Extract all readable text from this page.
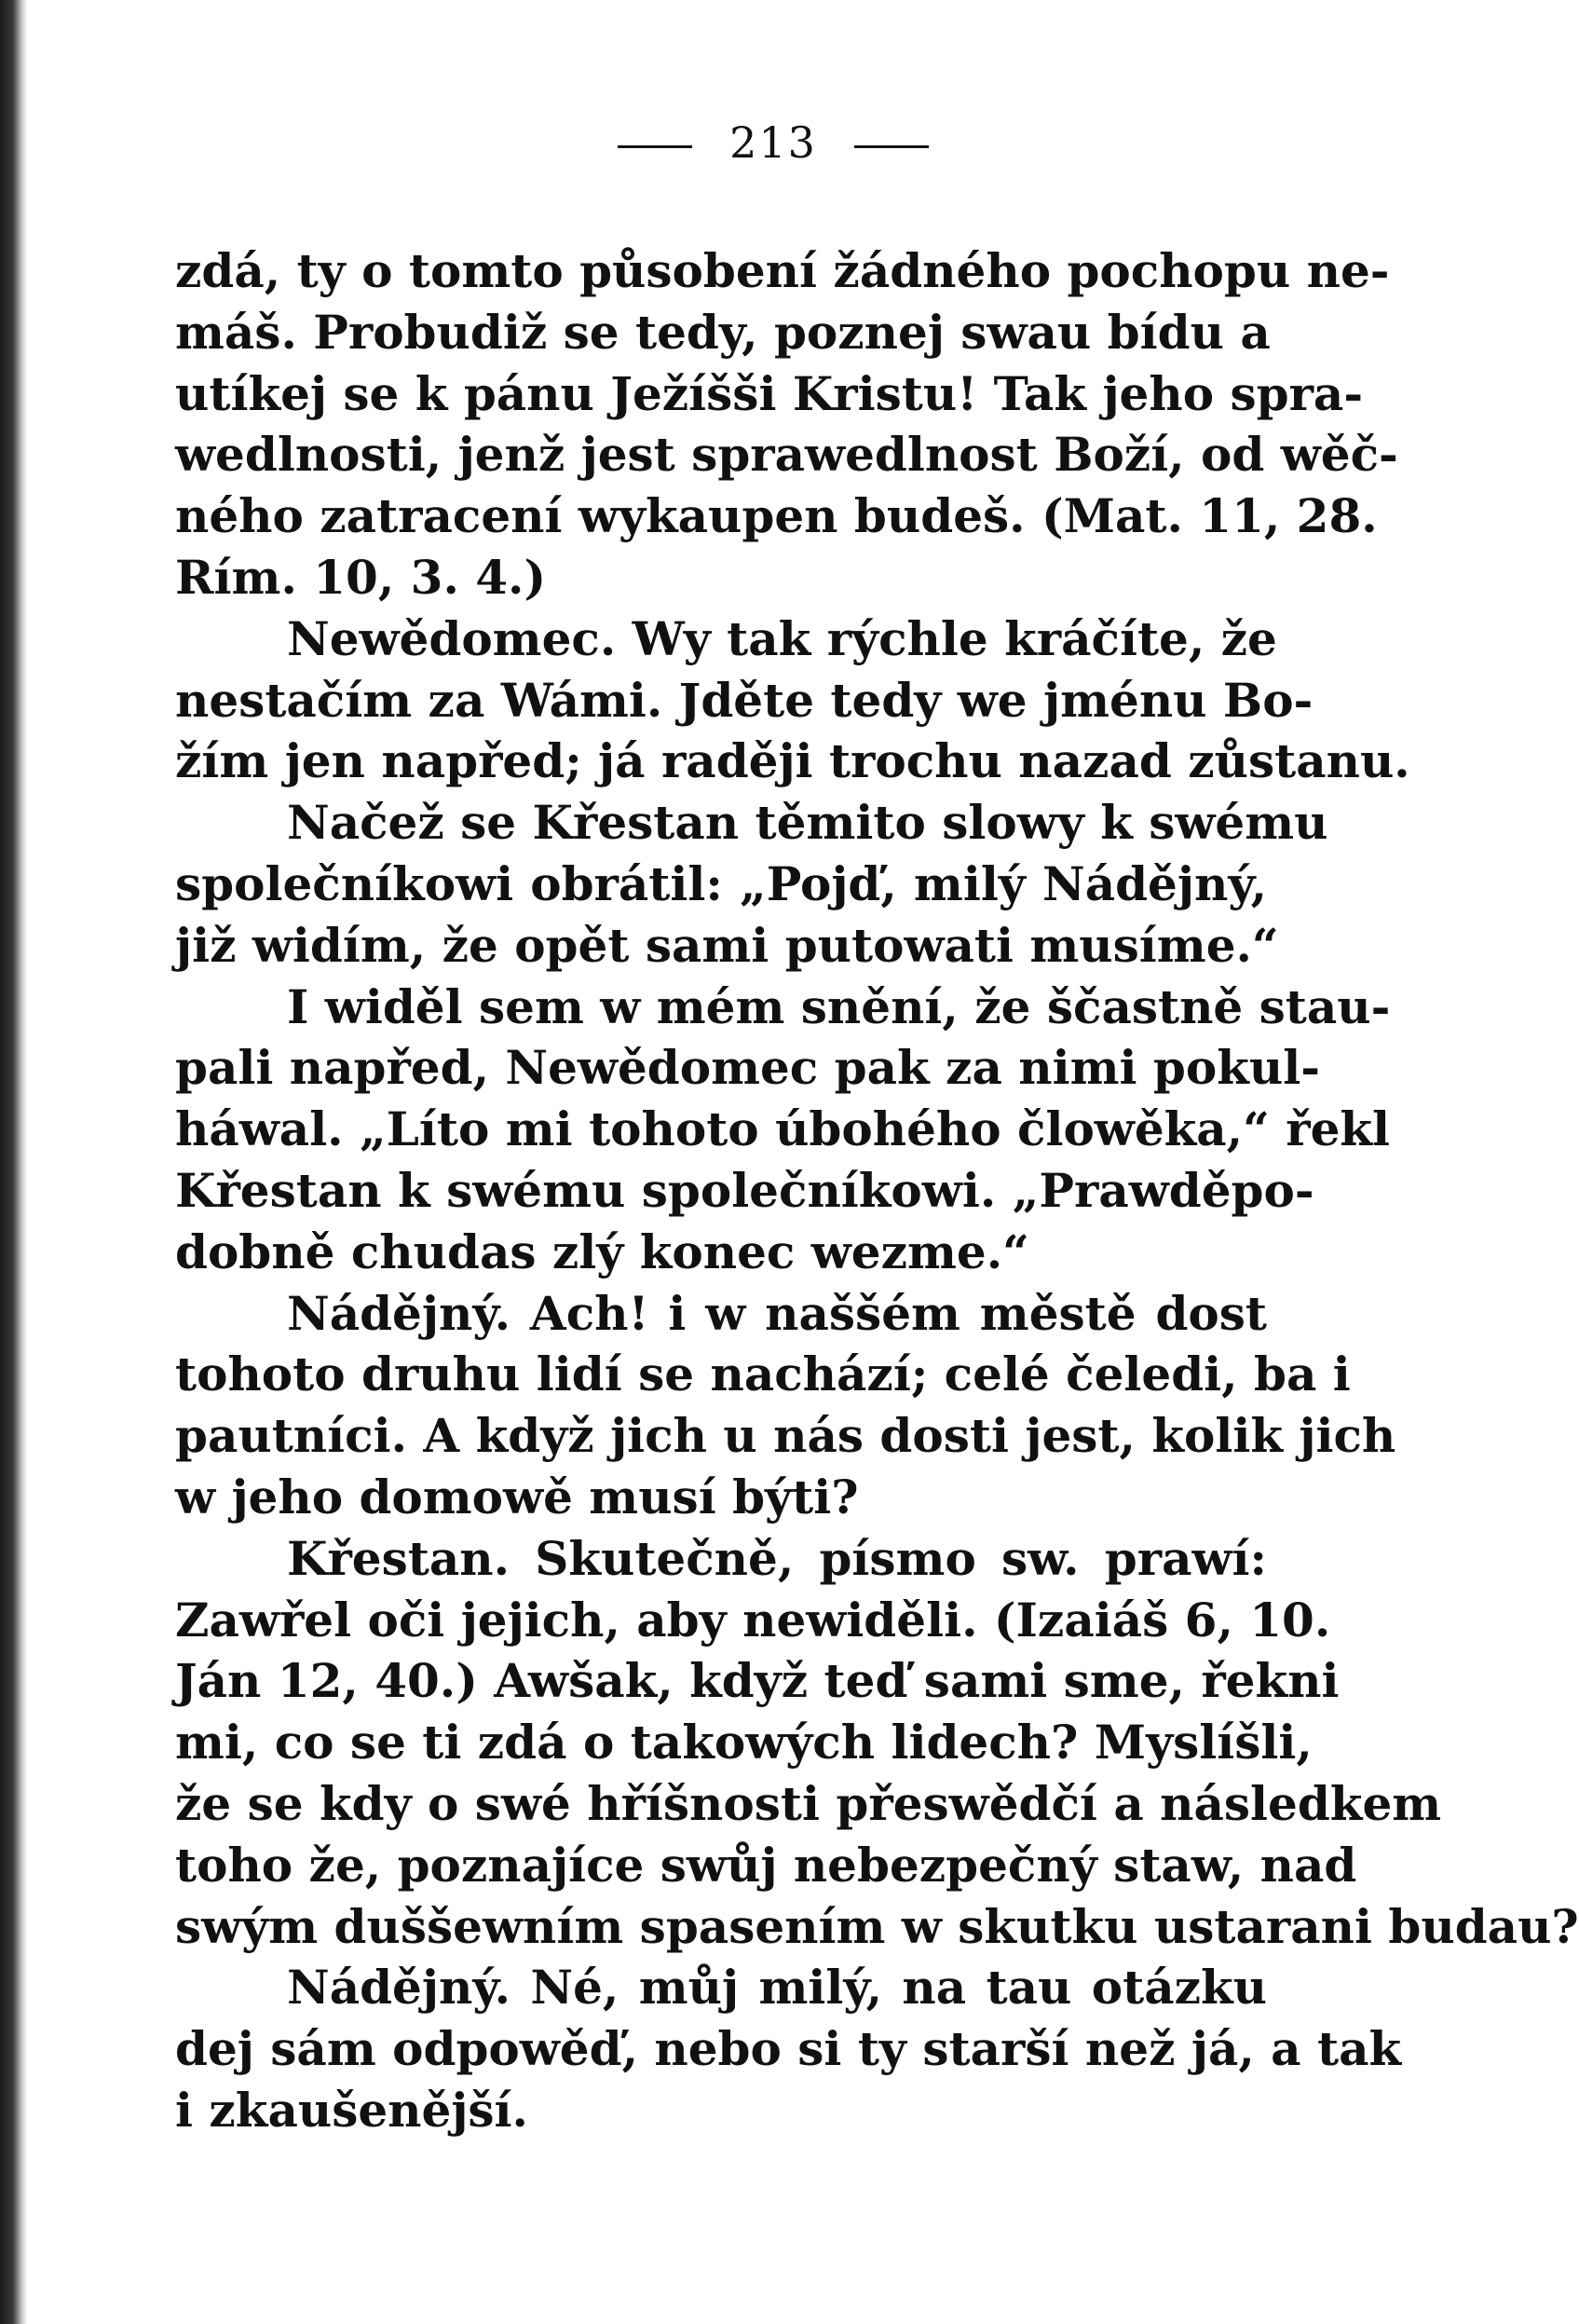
213
zdá, ty o tomto působení žádného pochopu ne-
máš. Probudiž se tedy, poznej swau bídu a
utíkej se k pánu Ježíšši Kristu! Tak jeho spra-
wedlnosti, jenž jest sprawedlnost Boží, od wěč-
ného zatracení wykaupen budeš. (Mat. 11, 28.
Rím. 10, 3. 4.)
Newědomec. Wy tak rýchle kráčíte, že
nestačím za Wámi. Jděte tedy we jménu Bo-
žím jen napřed; já raději trochu nazad zůstanu.
Načež se Křestan těmito slowy k swému
společníkowi obrátil: „Pojď, milý Nádějný,
již widím, že opět sami putowati musíme.“
I widěl sem w mém snění, že ščastně stau-
pali napřed, Newědomec pak za nimi pokul-
háwal. „Líto mi tohoto úbohého člowěka,“ řekl
Křestan k swému společníkowi. „Prawděpo-
dobně chudas zlý konec wezme.“
Nádějný. Ach! i w naššém městě dost
tohoto druhu lidí se nachází; celé čeledi, ba i
pautníci. A když jich u nás dosti jest, kolik jich
w jeho domowě musí býti?
Křestan. Skutečně, písmo sw. prawí:
Zawřel oči jejich, aby newiděli. (Izaiáš 6, 10.
Ján 12, 40.) Awšak, když teď sami sme, řekni
mi, co se ti zdá o takowých lidech? Myslíšli,
že se kdy o swé hříšnosti přeswědčí a následkem
toho že, poznajíce swůj nebezpečný staw, nad
swým duššewním spasením w skutku ustarani budau?
Nádějný. Né, můj milý, na tau otázku
dej sám odpowěď, nebo si ty starší než já, a tak
i zkaušenější.
